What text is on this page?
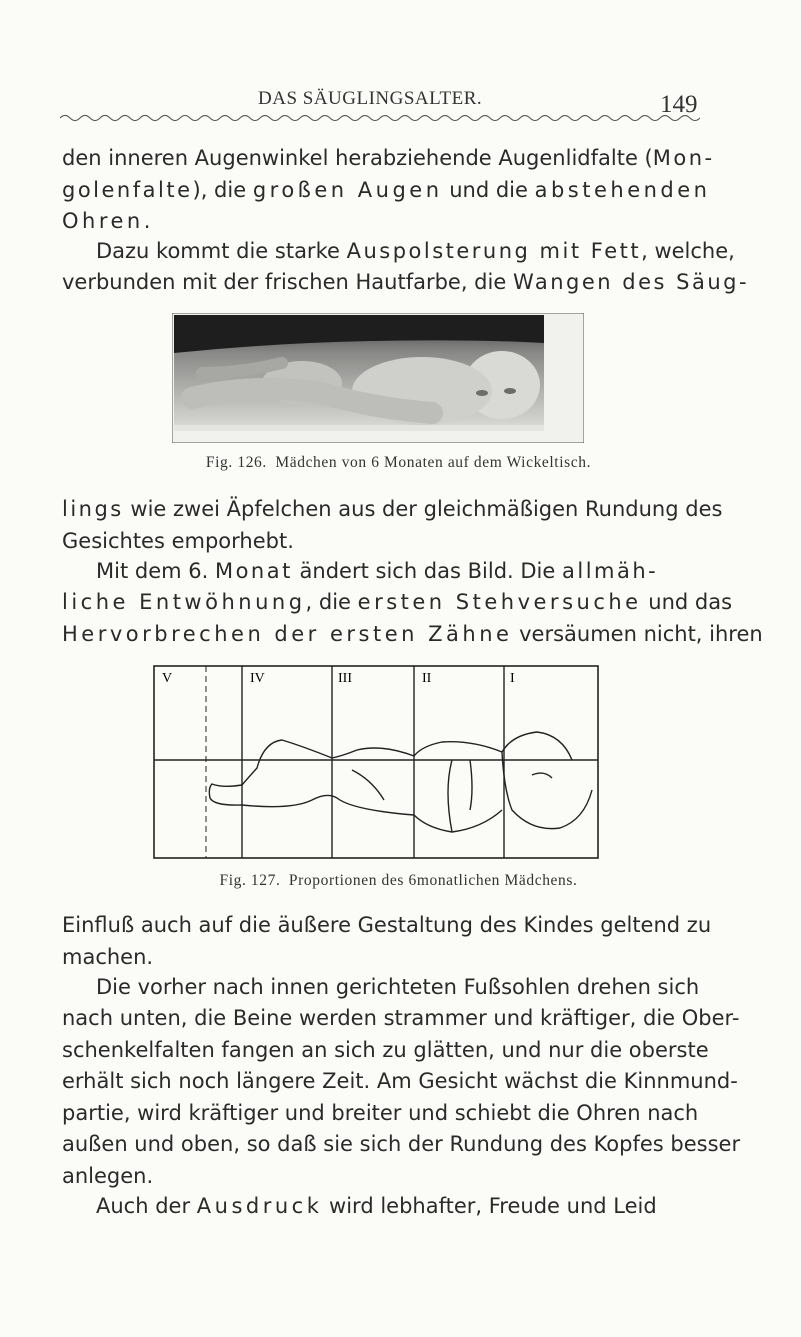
DAS SÄUGLINGSALTER.	149

den inneren Augenwinkel herabziehende Augenlidfalte (Mon-
golenfalte), die großen Augen und die abstehenden
Ohren.

Dazu kommt die starke Auspolsterung mit Fett, welche,

verbunden mit der frischen Hautfarbe, die Wangen des Säug-

Fig. 126. Mädchen von 6 Monaten auf dem Wickeltisch.

lings wie zwei Äpfelchen aus der gleichmäßigen Rundung des
Gesichtes emporhebt.

Mit dem 6. Monat ändert sich das Bild. Die allmäh-

liche Entwöhnung, die ersten Stehversuche und das
Hervorbrechen der ersten Zähne versäumen nicht, ihren

V	IV	III	II	I
Fig. 127. Proportionen des 6monatlichen Mädchens.

Einfluß auch auf die äußere Gestaltung des Kindes geltend zu
machen.

Die vorher nach innen gerichteten Fußsohlen drehen sich

nach unten, die Beine werden strammer und kräftiger, die Ober-
schenkelfalten fangen an sich zu glätten, und nur die oberste
erhält sich noch längere Zeit. Am Gesicht wächst die Kinnmund-
partie, wird kräftiger und breiter und schiebt die Ohren nach
außen und oben, so daß sie sich der Rundung des Kopfes besser
anlegen.

Auch der Ausdruck wird lebhafter, Freude und Leid
